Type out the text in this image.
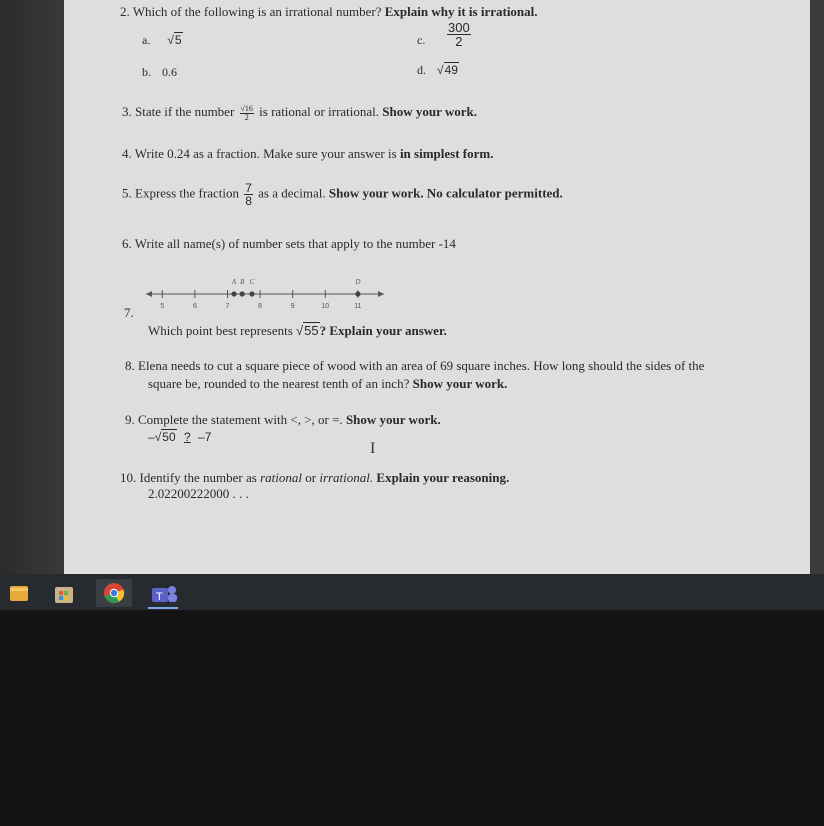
2. Which of the following is an irrational number? Explain why it is irrational.
a. √5	c. $\frac{300}{2}$
b. 0.6	d. √49
3. State if the number $\frac{√16}{2}$ is rational or irrational. Show your work.
4. Write 0.24 as a fraction. Make sure your answer is in simplest form.
5. Express the fraction $\frac{7}{8}$ as a decimal. Show your work. No calculator permitted.
6. Write all name(s) of number sets that apply to the number -14
5	6	7	8	9	10	11
A B C	D
7.
Which point best represents √55? Explain your answer.
8. Elena needs to cut a square piece of wood with an area of 69 square inches. How long should the sides of the
square be, rounded to the nearest tenth of an inch? Show your work.
9. Complete the statement with <, >, or =. Show your work.
–√50 ? –7
10. Identify the number as rational or irrational. Explain your reasoning.
2.02200222000 . . .
I
T
